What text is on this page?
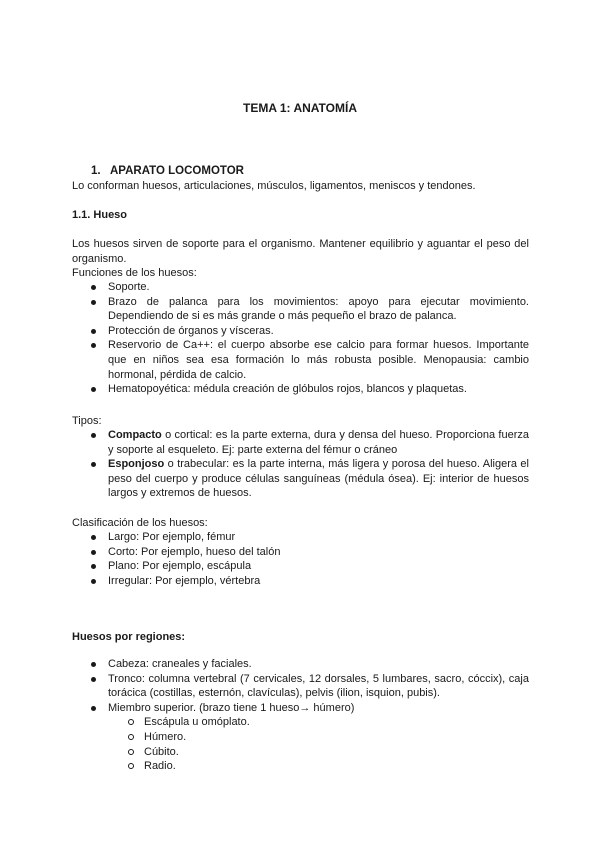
TEMA 1: ANATOMÍA
1. APARATO LOCOMOTOR
Lo conforman huesos, articulaciones, músculos, ligamentos, meniscos y tendones.
1.1. Hueso
Los huesos sirven de soporte para el organismo. Mantener equilibrio y aguantar el peso del organismo.
Funciones de los huesos:
Soporte.
Brazo de palanca para los movimientos: apoyo para ejecutar movimiento. Dependiendo de si es más grande o más pequeño el brazo de palanca.
Protección de órganos y vísceras.
Reservorio de Ca++: el cuerpo absorbe ese calcio para formar huesos. Importante que en niños sea esa formación lo más robusta posible. Menopausia: cambio hormonal, pérdida de calcio.
Hematopoyética: médula creación de glóbulos rojos, blancos y plaquetas.
Tipos:
Compacto o cortical: es la parte externa, dura y densa del hueso. Proporciona fuerza y soporte al esqueleto. Ej: parte externa del fémur o cráneo
Esponjoso o trabecular: es la parte interna, más ligera y porosa del hueso. Aligera el peso del cuerpo y produce células sanguíneas (médula ósea). Ej: interior de huesos largos y extremos de huesos.
Clasificación de los huesos:
Largo: Por ejemplo, fémur
Corto: Por ejemplo, hueso del talón
Plano: Por ejemplo, escápula
Irregular: Por ejemplo, vértebra
Huesos por regiones:
Cabeza: craneales y faciales.
Tronco: columna vertebral (7 cervicales, 12 dorsales, 5 lumbares, sacro, cóccix), caja torácica (costillas, esternón, clavículas), pelvis (ilion, isquion, pubis).
Miembro superior. (brazo tiene 1 hueso→ húmero)
Escápula u omóplato.
Húmero.
Cúbito.
Radio.
